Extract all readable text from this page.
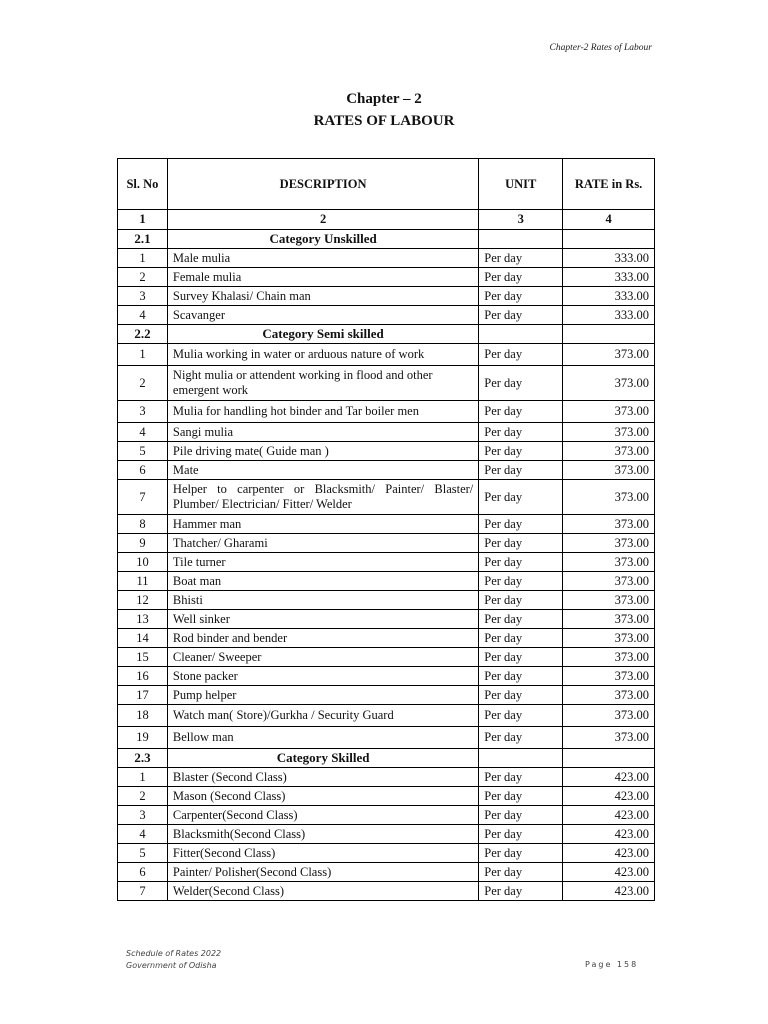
Chapter-2 Rates of Labour
Chapter – 2
RATES OF LABOUR
Sl. No	DESCRIPTION	UNIT	RATE in Rs.
1	2	3	4
2.1	Category Unskilled		
1	Male mulia	Per day	333.00
2	Female mulia	Per day	333.00
3	Survey Khalasi/ Chain man	Per day	333.00
4	Scavanger	Per day	333.00
2.2	Category Semi skilled		
1	Mulia working in water or arduous nature of work	Per day	373.00
2	Night mulia or attendent working in flood and other emergent work	Per day	373.00
3	Mulia for handling hot binder and Tar boiler men	Per day	373.00
4	Sangi mulia	Per day	373.00
5	Pile driving mate( Guide man )	Per day	373.00
6	Mate	Per day	373.00
7	Helper to carpenter or Blacksmith/ Painter/ Blaster/ Plumber/ Electrician/ Fitter/ Welder	Per day	373.00
8	Hammer man	Per day	373.00
9	Thatcher/ Gharami	Per day	373.00
10	Tile turner	Per day	373.00
11	Boat man	Per day	373.00
12	Bhisti	Per day	373.00
13	Well sinker	Per day	373.00
14	Rod binder and bender	Per day	373.00
15	Cleaner/ Sweeper	Per day	373.00
16	Stone packer	Per day	373.00
17	Pump helper	Per day	373.00
18	Watch man( Store)/Gurkha / Security Guard	Per day	373.00
19	Bellow man	Per day	373.00
2.3	Category Skilled		
1	Blaster (Second Class)	Per day	423.00
2	Mason (Second Class)	Per day	423.00
3	Carpenter(Second Class)	Per day	423.00
4	Blacksmith(Second Class)	Per day	423.00
5	Fitter(Second Class)	Per day	423.00
6	Painter/ Polisher(Second Class)	Per day	423.00
7	Welder(Second Class)	Per day	423.00
Schedule of Rates 2022
Government of Odisha	Page 158
